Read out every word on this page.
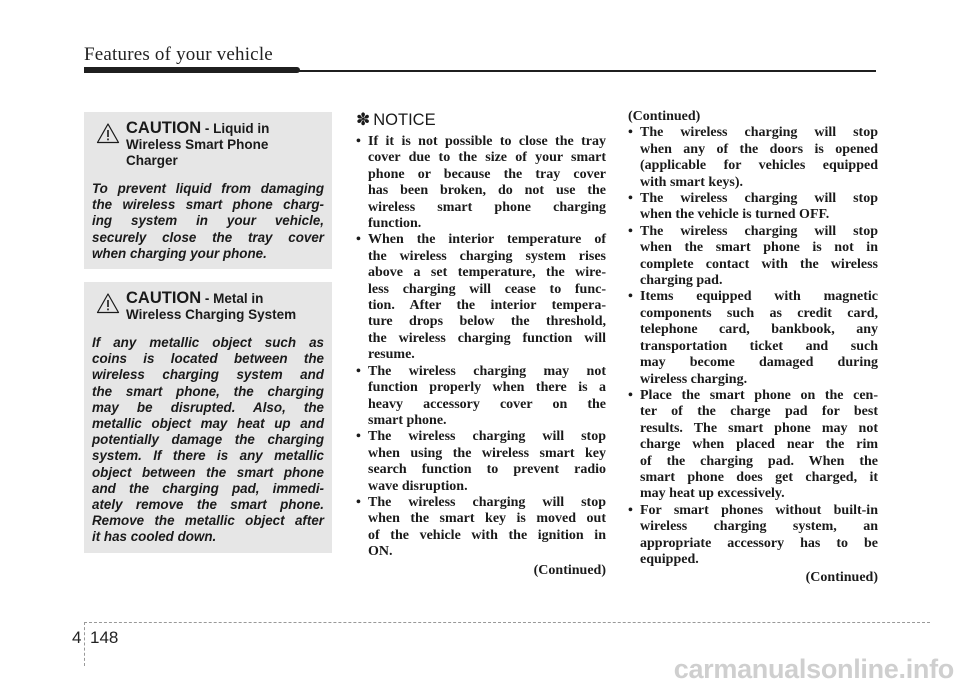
Features of your vehicle
CAUTION - Liquid in
Wireless Smart Phone
Charger
To prevent liquid from damaging
the wireless smart phone charg-
ing system in your vehicle,
securely close the tray cover
when charging your phone.
CAUTION - Metal in
Wireless Charging System
If any metallic object such as
coins is located between the
wireless charging system and
the smart phone, the charging
may be disrupted. Also, the
metallic object may heat up and
potentially damage the charging
system. If there is any metallic
object between the smart phone
and the charging pad, immedi-
ately remove the smart phone.
Remove the metallic object after
it has cooled down.
✽ NOTICE
• If it is not possible to close the tray
cover due to the size of your smart
phone or because the tray cover
has been broken, do not use the
wireless smart phone charging
function.
• When the interior temperature of
the wireless charging system rises
above a set temperature, the wire-
less charging will cease to func-
tion. After the interior tempera-
ture drops below the threshold,
the wireless charging function will
resume.
• The wireless charging may not
function properly when there is a
heavy accessory cover on the
smart phone.
• The wireless charging will stop
when using the wireless smart key
search function to prevent radio
wave disruption.
• The wireless charging will stop
when the smart key is moved out
of the vehicle with the ignition in
ON.
(Continued)
(Continued)
• The wireless charging will stop
when any of the doors is opened
(applicable for vehicles equipped
with smart keys).
• The wireless charging will stop
when the vehicle is turned OFF.
• The wireless charging will stop
when the smart phone is not in
complete contact with the wireless
charging pad.
• Items equipped with magnetic
components such as credit card,
telephone card, bankbook, any
transportation ticket and such
may become damaged during
wireless charging.
• Place the smart phone on the cen-
ter of the charge pad for best
results. The smart phone may not
charge when placed near the rim
of the charging pad. When the
smart phone does get charged, it
may heat up excessively.
• For smart phones without built-in
wireless charging system, an
appropriate accessory has to be
equipped.
(Continued)
4 148
carmanualsonline.info
